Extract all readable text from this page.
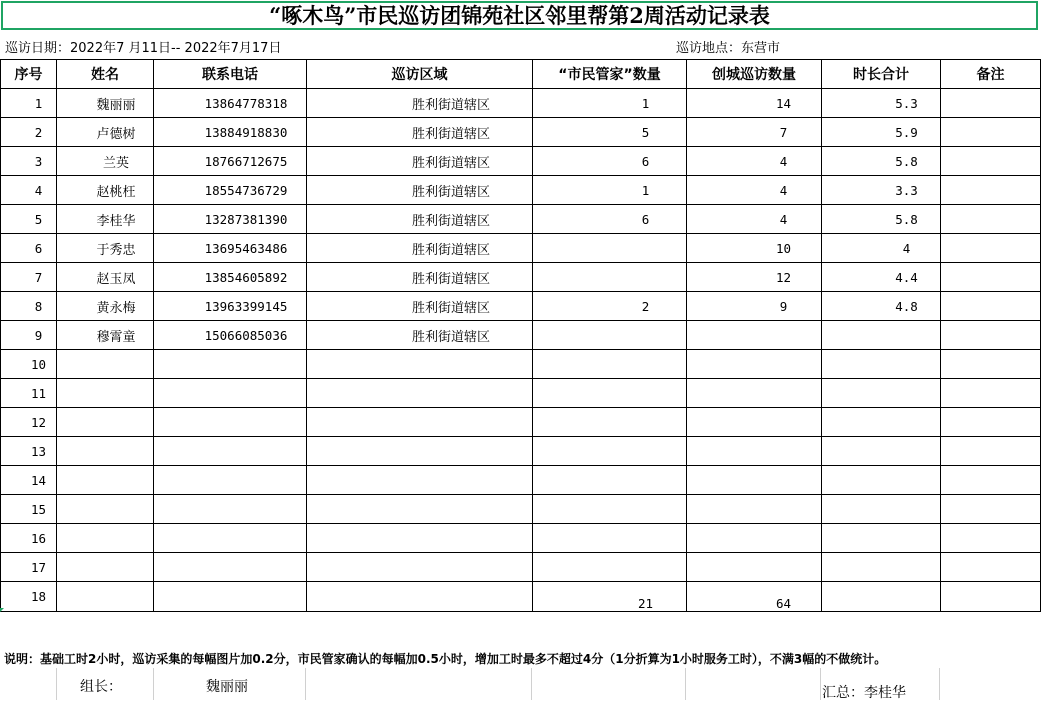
“啄木鸟”市民巡访团锦苑社区邻里帮第2周活动记录表
巡访日期：2022年7 月11日-- 2022年7月17日	巡访地点：东营市
序号	姓名	联系电话	巡访区域	“市民管家”数量	创城巡访数量	时长合计	备注
1	魏丽丽	13864778318	胜利街道辖区	1	14	5.3	
2	卢德树	13884918830	胜利街道辖区	5	7	5.9	
3	兰英	18766712675	胜利街道辖区	6	4	5.8	
4	赵桃枉	18554736729	胜利街道辖区	1	4	3.3	
5	李桂华	13287381390	胜利街道辖区	6	4	5.8	
6	于秀忠	13695463486	胜利街道辖区		10	4	
7	赵玉凤	13854605892	胜利街道辖区		12	4.4	
8	黄永梅	13963399145	胜利街道辖区	2	9	4.8	
9	穆霄童	15066085036	胜利街道辖区				
10							
11							
12							
13							
14							
15							
16							
17							
18				21	64		
说明：基础工时2小时，巡访采集的每幅图片加0.2分，市民管家确认的每幅加0.5小时，增加工时最多不超过4分（1分折算为1小时服务工时），不满3幅的不做统计。
组长：	魏丽丽	汇总：李桂华
